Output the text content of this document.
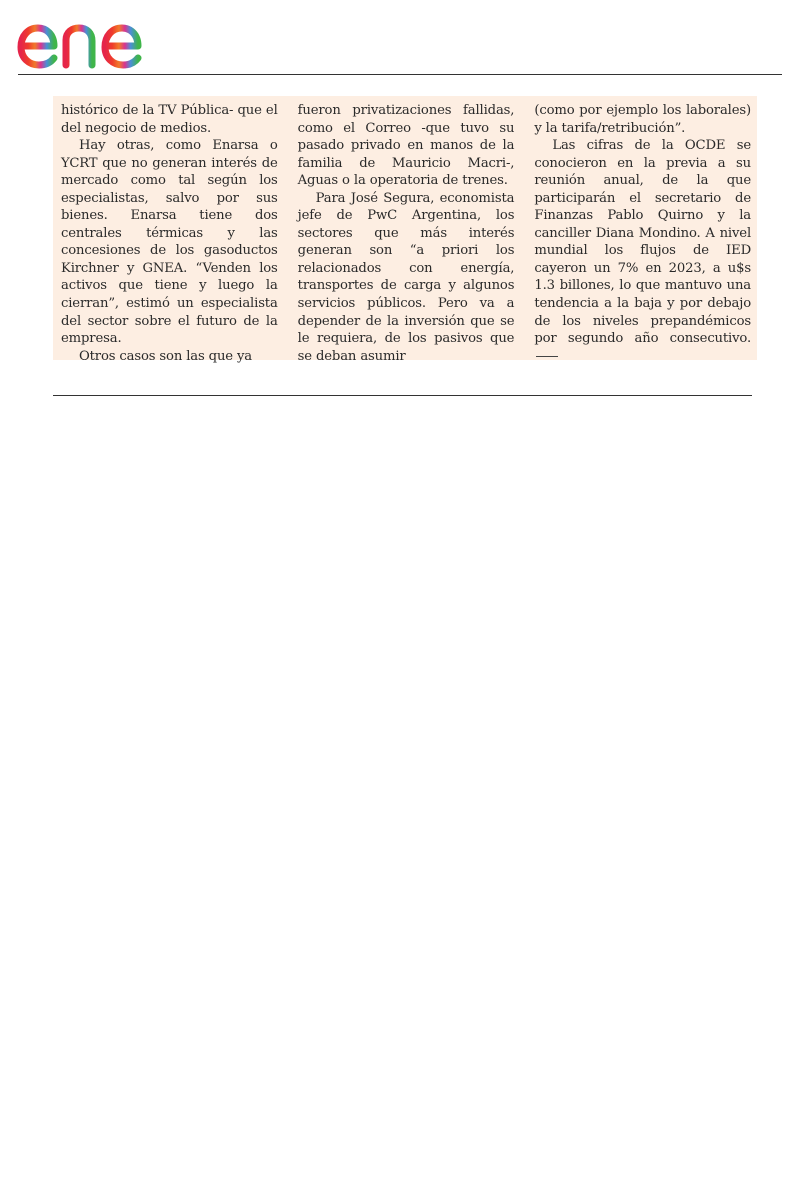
histórico de la TV Pública- que el del negocio de medios.

Hay otras, como Enarsa o YCRT que no generan interés de mercado como tal según los especialistas, salvo por sus bienes. Enarsa tiene dos centrales térmicas y las concesiones de los gasoductos Kirchner y GNEA. “Venden los activos que tiene y luego la cierran”, estimó un especialista del sector sobre el futuro de la empresa.

Otros casos son las que ya

fueron privatizaciones fallidas, como el Correo -que tuvo su pasado privado en manos de la familia de Mauricio Macri-, Aguas o la operatoria de trenes.

Para José Segura, economista jefe de PwC Argentina, los sectores que más interés generan son “a priori los relacionados con energía, transportes de carga y algunos servicios públicos. Pero va a depender de la inversión que se le requiera, de los pasivos que se deban asumir

(como por ejemplo los laborales) y la tarifa/retribución”.

Las cifras de la OCDE se conocieron en la previa a su reunión anual, de la que participarán el secretario de Finanzas Pablo Quirno y la canciller Diana Mondino. A nivel mundial los flujos de IED cayeron un 7% en 2023, a u$s 1.3 billones, lo que mantuvo una tendencia a la baja y por debajo de los niveles prepandémicos por segundo año consecutivo.
